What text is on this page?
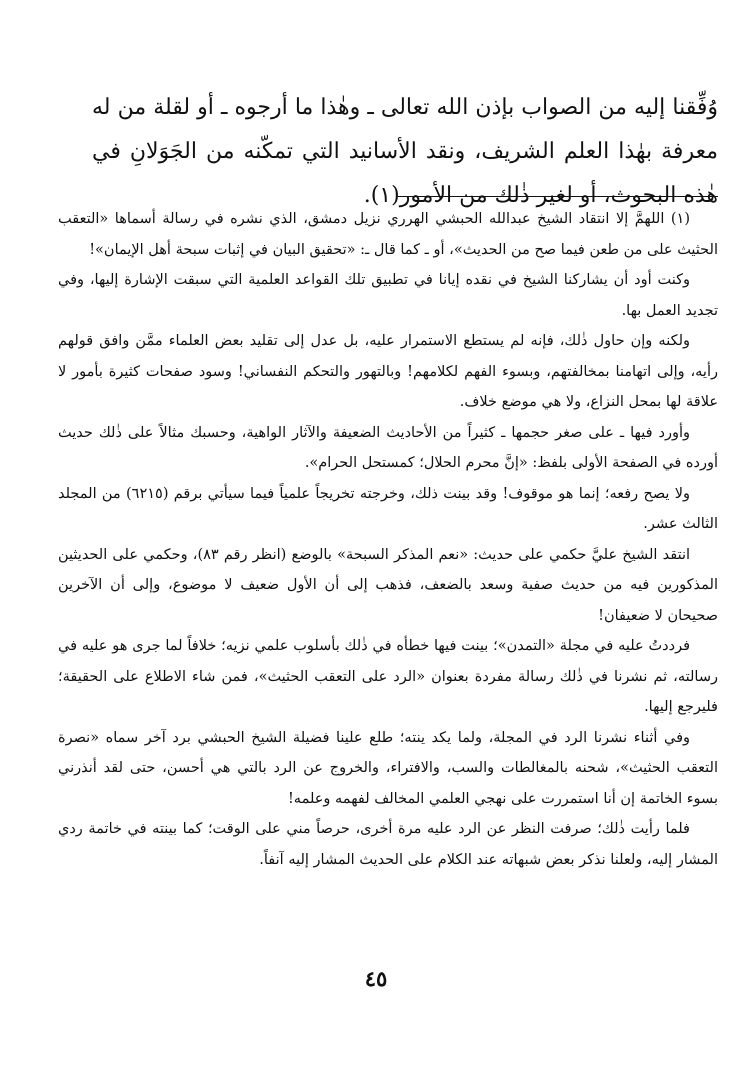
وُفِّقنا إليه من الصواب بإذن الله تعالى ـ وهٰذا ما أرجوه ـ أو لقلة من له معرفة بهٰذا العلم الشريف، ونقد الأسانيد التي تمكّنه من الجَوَلانِ في هٰذه البحوث، أو لغير ذٰلك من الأمور(١).

(١) اللهمَّ إلا انتقاد الشيخ عبدالله الحبشي الهرري نزيل دمشق، الذي نشره في رسالة أسماها «التعقب الحثيث على من طعن فيما صح من الحديث»، أو ـ كما قال ـ: «تحقيق البيان في إثبات سبحة أهل الإيمان»!

وكنت أود أن يشاركنا الشيخ في نقده إيانا في تطبيق تلك القواعد العلمية التي سبقت الإشارة إليها، وفي تجديد العمل بها.

ولكنه وإن حاول ذٰلك، فإنه لم يستطع الاستمرار عليه، بل عدل إلى تقليد بعض العلماء ممَّن وافق قولهم رأيه، وإلى اتهامنا بمخالفتهم، وبسوء الفهم لكلامهم! وبالتهور والتحكم النفساني! وسود صفحات كثيرة بأمور لا علاقة لها بمحل النزاع، ولا هي موضع خلاف.

وأورد فيها ـ على صغر حجمها ـ كثيراً من الأحاديث الضعيفة والآثار الواهية، وحسبك مثالاً على ذٰلك حديث أورده في الصفحة الأولى بلفظ: «إنَّ محرم الحلال؛ كمستحل الحرام».

ولا يصح رفعه؛ إنما هو موقوف! وقد بينت ذلك، وخرجته تخريجاً علمياً فيما سيأتي برقم (٦٢١٥) من المجلد الثالث عشر.

انتقد الشيخ عليَّ حكمي على حديث: «نعم المذكر السبحة» بالوضع (انظر رقم ٨٣)، وحكمي على الحديثين المذكورين فيه من حديث صفية وسعد بالضعف، فذهب إلى أن الأول ضعيف لا موضوع، وإلى أن الآخرين صحيحان لا ضعيفان!

فرددتُ عليه في مجلة «التمدن»؛ بينت فيها خطأه في ذٰلك بأسلوب علمي نزيه؛ خلافاً لما جرى هو عليه في رسالته، ثم نشرنا في ذٰلك رسالة مفردة بعنوان «الرد على التعقب الحثيث»، فمن شاء الاطلاع على الحقيقة؛ فليرجع إليها.

وفي أثناء نشرنا الرد في المجلة، ولما يكد ينته؛ طلع علينا فضيلة الشيخ الحبشي برد آخر سماه «نصرة التعقب الحثيث»، شحنه بالمغالطات والسب، والافتراء، والخروج عن الرد بالتي هي أحسن، حتى لقد أنذرني بسوء الخاتمة إن أنا استمررت على نهجي العلمي المخالف لفهمه وعلمه!

فلما رأيت ذٰلك؛ صرفت النظر عن الرد عليه مرة أخرى، حرصاً مني على الوقت؛ كما بينته في خاتمة ردي المشار إليه، ولعلنا نذكر بعض شبهاته عند الكلام على الحديث المشار إليه آنفاً.

٤٥
